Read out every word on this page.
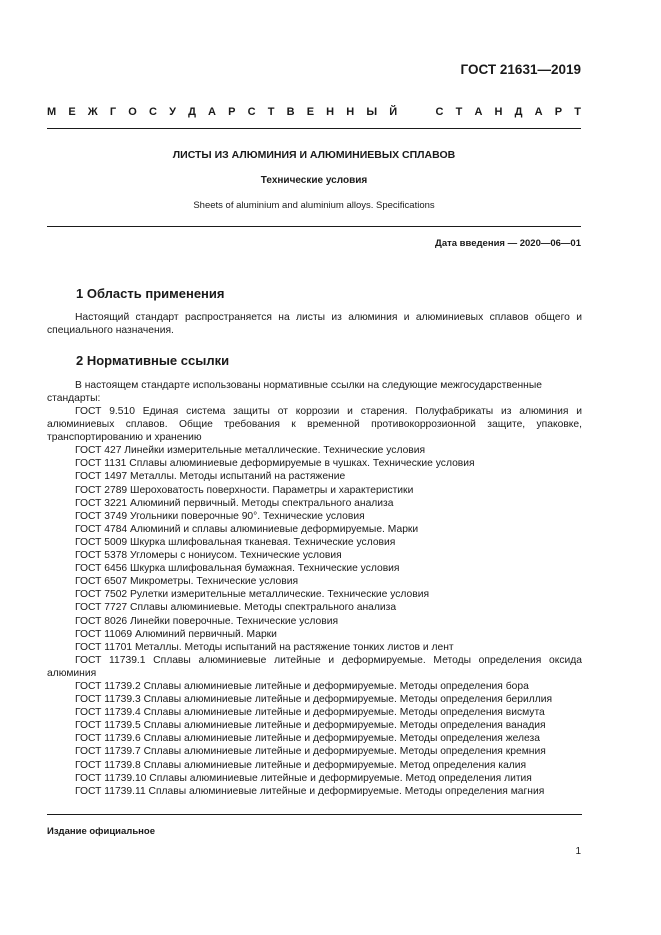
ГОСТ 21631—2019
М Е Ж Г О С У Д А Р С Т В Е Н Н Ы Й	С Т А Н Д А Р Т
ЛИСТЫ ИЗ АЛЮМИНИЯ И АЛЮМИНИЕВЫХ СПЛАВОВ
Технические условия
Sheets of aluminium and aluminium alloys. Specifications
Дата введения — 2020—06—01
1 Область применения
Настоящий стандарт распространяется на листы из алюминия и алюминиевых сплавов общего и специального назначения.
2 Нормативные ссылки
В настоящем стандарте использованы нормативные ссылки на следующие межгосударственные стандарты:
ГОСТ 9.510 Единая система защиты от коррозии и старения. Полуфабрикаты из алюминия и алюминиевых сплавов. Общие требования к временной противокоррозионной защите, упаковке, транспортированию и хранению
ГОСТ 427 Линейки измерительные металлические. Технические условия
ГОСТ 1131 Сплавы алюминиевые деформируемые в чушках. Технические условия
ГОСТ 1497 Металлы. Методы испытаний на растяжение
ГОСТ 2789 Шероховатость поверхности. Параметры и характеристики
ГОСТ 3221 Алюминий первичный. Методы спектрального анализа
ГОСТ 3749 Угольники поверочные 90°. Технические условия
ГОСТ 4784 Алюминий и сплавы алюминиевые деформируемые. Марки
ГОСТ 5009 Шкурка шлифовальная тканевая. Технические условия
ГОСТ 5378 Угломеры с нониусом. Технические условия
ГОСТ 6456 Шкурка шлифовальная бумажная. Технические условия
ГОСТ 6507 Микрометры. Технические условия
ГОСТ 7502 Рулетки измерительные металлические. Технические условия
ГОСТ 7727 Сплавы алюминиевые. Методы спектрального анализа
ГОСТ 8026 Линейки поверочные. Технические условия
ГОСТ 11069 Алюминий первичный. Марки
ГОСТ 11701 Металлы. Методы испытаний на растяжение тонких листов и лент
ГОСТ 11739.1 Сплавы алюминиевые литейные и деформируемые. Методы определения оксида алюминия
ГОСТ 11739.2 Сплавы алюминиевые литейные и деформируемые. Методы определения бора
ГОСТ 11739.3 Сплавы алюминиевые литейные и деформируемые. Методы определения бериллия
ГОСТ 11739.4 Сплавы алюминиевые литейные и деформируемые. Методы определения висмута
ГОСТ 11739.5 Сплавы алюминиевые литейные и деформируемые. Методы определения ванадия
ГОСТ 11739.6 Сплавы алюминиевые литейные и деформируемые. Методы определения железа
ГОСТ 11739.7 Сплавы алюминиевые литейные и деформируемые. Методы определения кремния
ГОСТ 11739.8 Сплавы алюминиевые литейные и деформируемые. Метод определения калия
ГОСТ 11739.10 Сплавы алюминиевые литейные и деформируемые. Метод определения лития
ГОСТ 11739.11 Сплавы алюминиевые литейные и деформируемые. Методы определения магния
Издание официальное
1
